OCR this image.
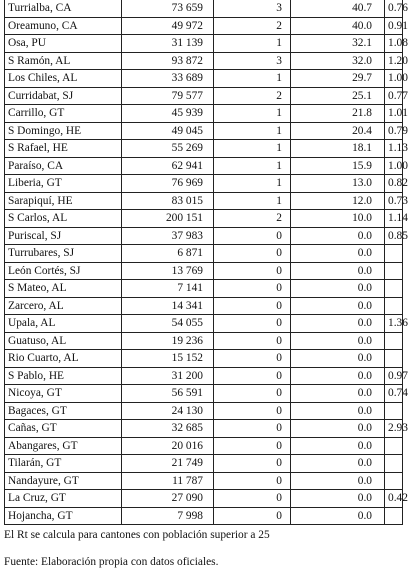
Turrialba, CA	73 659	3	40.7	0.76
Oreamuno, CA	49 972	2	40.0	0.91
Osa, PU	31 139	1	32.1	1.08
S Ramón, AL	93 872	3	32.0	1.20
Los Chiles, AL	33 689	1	29.7	1.00
Curridabat, SJ	79 577	2	25.1	0.77
Carrillo, GT	45 939	1	21.8	1.01
S Domingo, HE	49 045	1	20.4	0.79
S Rafael, HE	55 269	1	18.1	1.13
Paraíso, CA	62 941	1	15.9	1.00
Liberia, GT	76 969	1	13.0	0.82
Sarapiquí, HE	83 015	1	12.0	0.73
S Carlos, AL	200 151	2	10.0	1.14
Puriscal, SJ	37 983	0	0.0	0.85
Turrubares, SJ	6 871	0	0.0	
León Cortés, SJ	13 769	0	0.0	
S Mateo, AL	7 141	0	0.0	
Zarcero, AL	14 341	0	0.0	
Upala, AL	54 055	0	0.0	1.36
Guatuso, AL	19 236	0	0.0	
Rio Cuarto, AL	15 152	0	0.0	
S Pablo, HE	31 200	0	0.0	0.97
Nicoya, GT	56 591	0	0.0	0.74
Bagaces, GT	24 130	0	0.0	
Cañas, GT	32 685	0	0.0	2.93
Abangares, GT	20 016	0	0.0	
Tilarán, GT	21 749	0	0.0	
Nandayure, GT	11 787	0	0.0	
La Cruz, GT	27 090	0	0.0	0.42
Hojancha, GT	7 998	0	0.0	
El Rt se calcula para cantones con población superior a 25
Fuente: Elaboración propia con datos oficiales.
